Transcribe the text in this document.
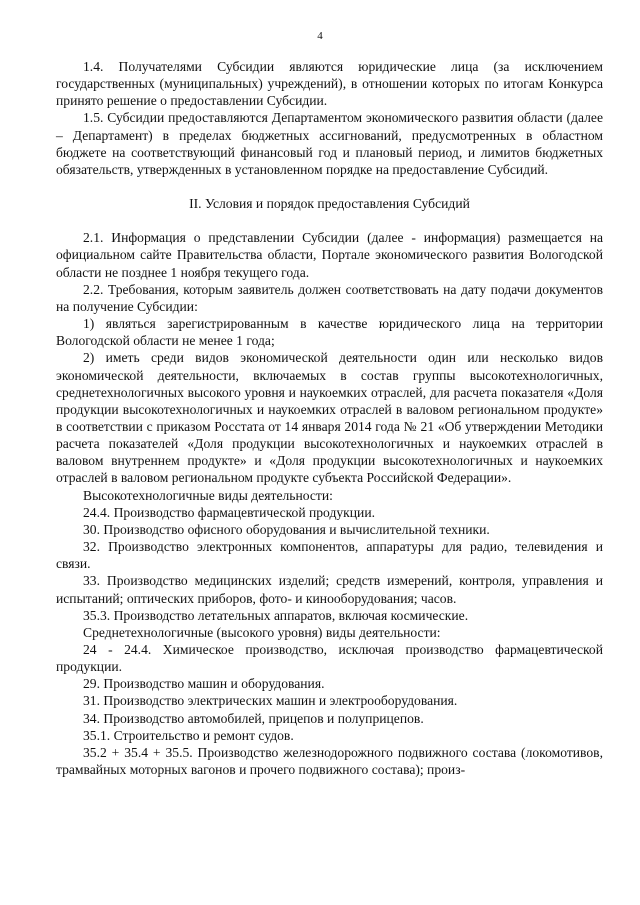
4

1.4. Получателями Субсидии являются юридические лица (за исключением государственных (муниципальных) учреждений), в отношении которых по итогам Конкурса принято решение о предоставлении Субсидии.

1.5. Субсидии предоставляются Департаментом экономического развития области (далее – Департамент) в пределах бюджетных ассигнований, предусмотренных в областном бюджете на соответствующий финансовый год и плановый период, и лимитов бюджетных обязательств, утвержденных в установленном порядке на предоставление Субсидий.

II. Условия и порядок предоставления Субсидий

2.1. Информация о представлении Субсидии (далее - информация) размещается на официальном сайте Правительства области, Портале экономического развития Вологодской области не позднее 1 ноября текущего года.

2.2. Требования, которым заявитель должен соответствовать на дату подачи документов на получение Субсидии:

1) являться зарегистрированным в качестве юридического лица на территории Вологодской области не менее 1 года;

2) иметь среди видов экономической деятельности один или несколько видов экономической деятельности, включаемых в состав группы высокотехнологичных, среднетехнологичных высокого уровня и наукоемких отраслей, для расчета показателя «Доля продукции высокотехнологичных и наукоемких отраслей в валовом региональном продукте» в соответствии с приказом Росстата от 14 января 2014 года № 21 «Об утверждении Методики расчета показателей «Доля продукции высокотехнологичных и наукоемких отраслей в валовом внутреннем продукте» и «Доля продукции высокотехнологичных и наукоемких отраслей в валовом региональном продукте субъекта Российской Федерации».

Высокотехнологичные виды деятельности:

24.4. Производство фармацевтической продукции.

30. Производство офисного оборудования и вычислительной техники.

32. Производство электронных компонентов, аппаратуры для радио, телевидения и связи.

33. Производство медицинских изделий; средств измерений, контроля, управления и испытаний; оптических приборов, фото- и кинооборудования; часов.

35.3. Производство летательных аппаратов, включая космические.

Среднетехнологичные (высокого уровня) виды деятельности:

24 - 24.4. Химическое производство, исключая производство фармацевтической продукции.

29. Производство машин и оборудования.

31. Производство электрических машин и электрооборудования.

34. Производство автомобилей, прицепов и полуприцепов.

35.1. Строительство и ремонт судов.

35.2 + 35.4 + 35.5. Производство железнодорожного подвижного состава (локомотивов, трамвайных моторных вагонов и прочего подвижного состава); произ-
